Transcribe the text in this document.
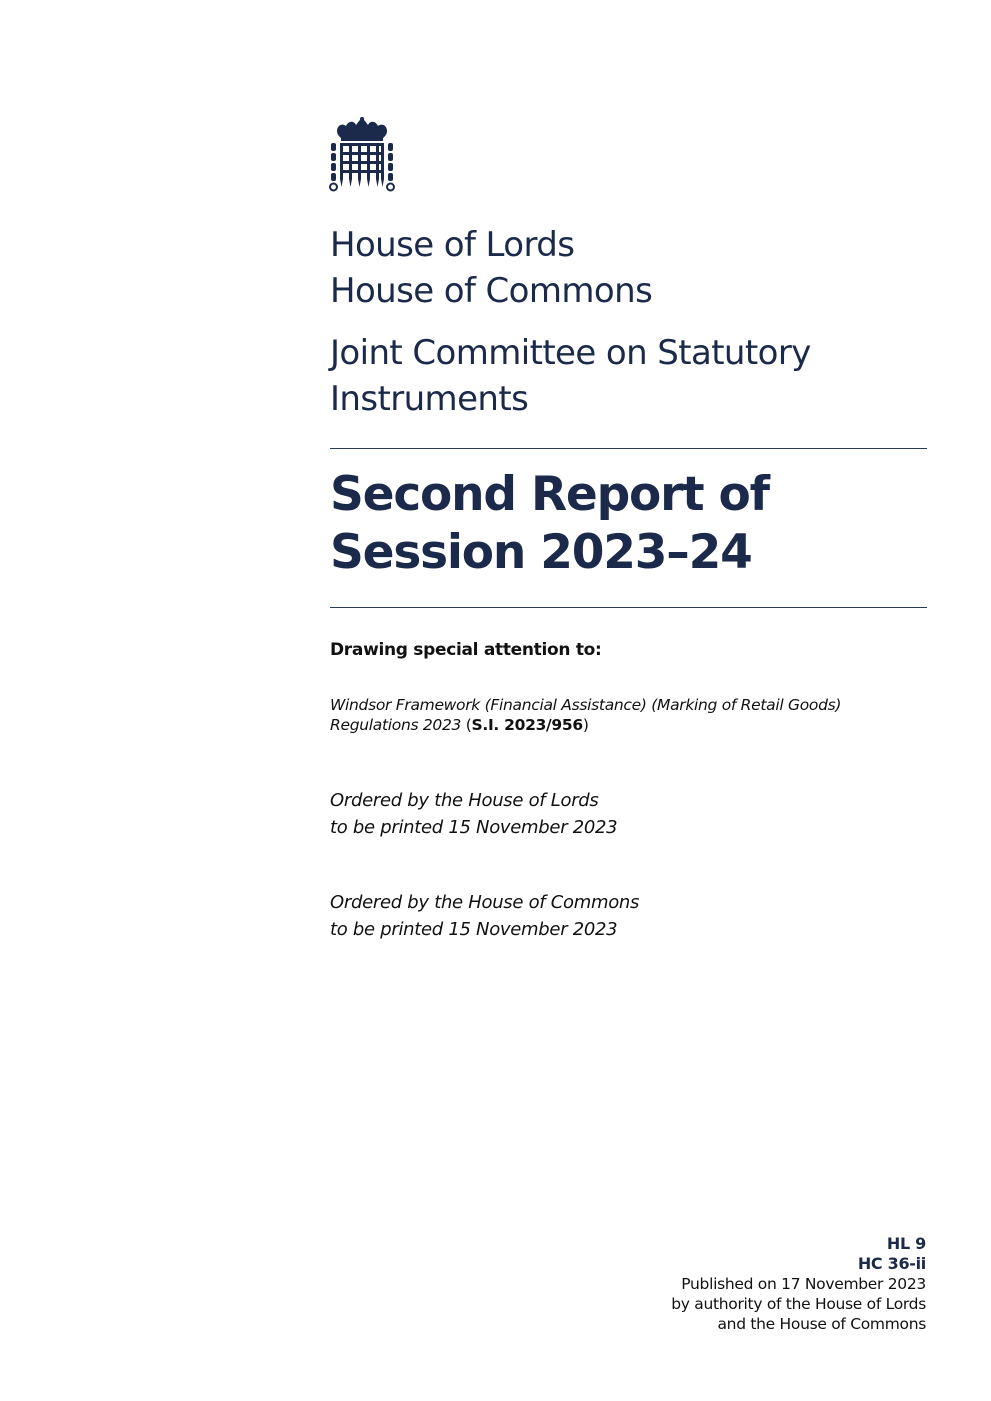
House of Lords
House of Commons
Joint Committee on Statutory Instruments
Second Report of
Session 2023–24
Drawing special attention to:
Windsor Framework (Financial Assistance) (Marking of Retail Goods)
Regulations 2023 (S.I. 2023/956)
Ordered by the House of Lords
to be printed 15 November 2023
Ordered by the House of Commons
to be printed 15 November 2023
HL 9
HC 36-ii
Published on 17 November 2023
by authority of the House of Lords
and the House of Commons
